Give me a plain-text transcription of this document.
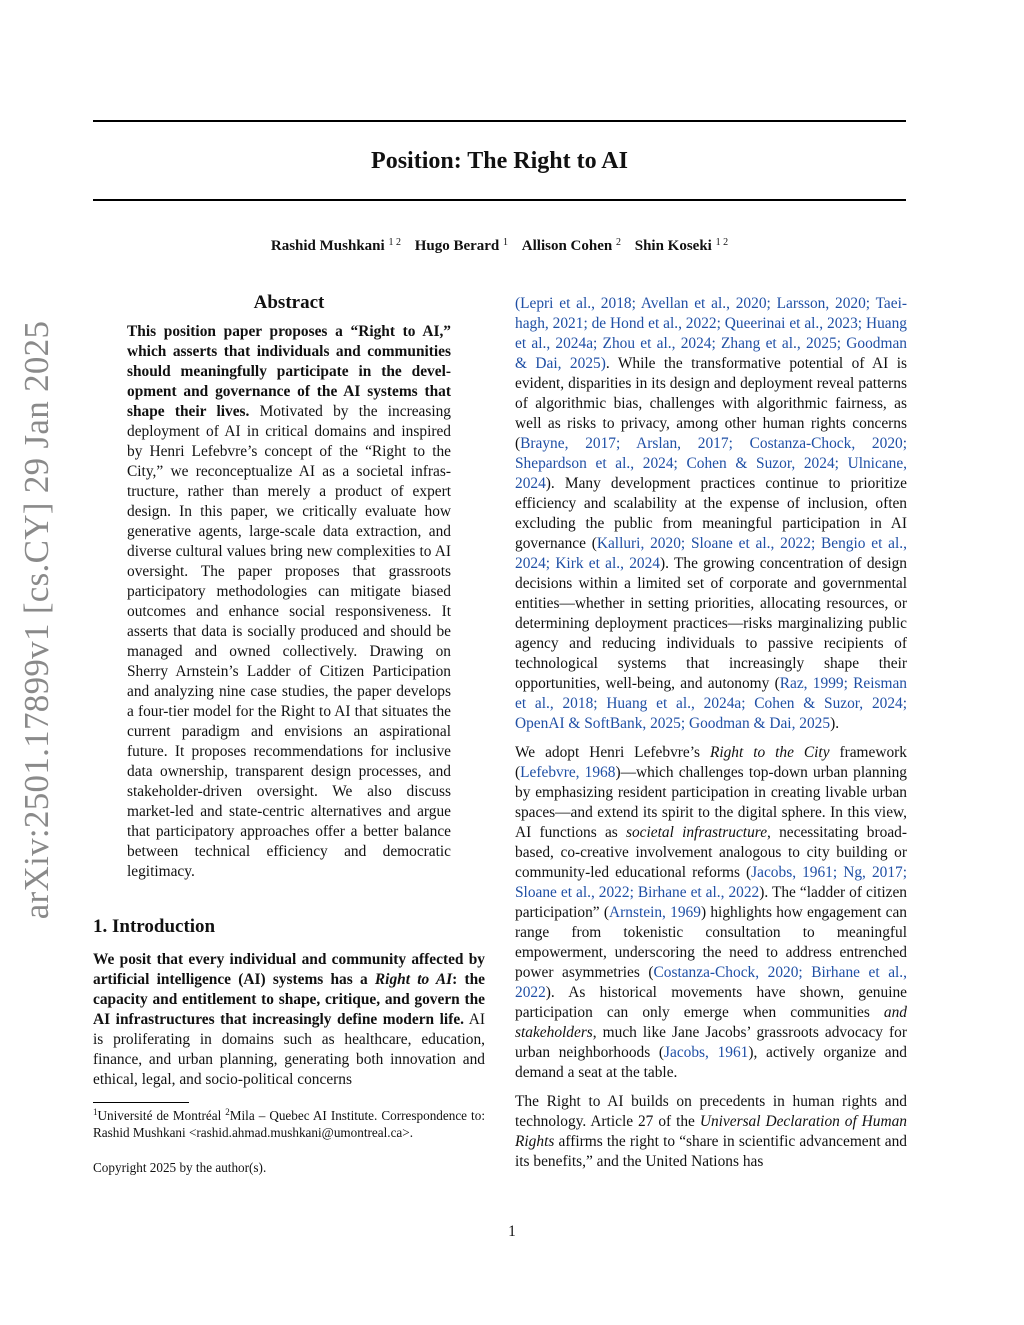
arXiv:2501.17899v1 [cs.CY] 29 Jan 2025
Position: The Right to AI
Rashid Mushkani $^{1 2}$ Hugo Berard $^1$ Allison Cohen $^2$ Shin Koseki $^{1 2}$
Abstract

This position paper proposes a “Right to AI,” which asserts that individuals and communities should meaningfully participate in the development and governance of the AI systems that shape their lives. Motivated by the increasing deployment of AI in critical domains and inspired by Henri Lefebvre’s concept of the “Right to the City,” we reconceptualize AI as a societal infrastructure, rather than merely a product of expert design. In this paper, we critically evaluate how generative agents, large-scale data extraction, and diverse cultural values bring new complexities to AI oversight. The paper proposes that grassroots participatory methodologies can mitigate biased outcomes and enhance social responsiveness. It asserts that data is socially produced and should be managed and owned collectively. Drawing on Sherry Arnstein’s Ladder of Citizen Participation and analyzing nine case studies, the paper develops a four-tier model for the Right to AI that situates the current paradigm and envisions an aspirational future. It proposes recommendations for inclusive data ownership, transparent design processes, and stakeholder-driven oversight. We also discuss market-led and state-centric alternatives and argue that participatory approaches offer a better balance between technical efficiency and democratic legitimacy.

1. Introduction

We posit that every individual and community affected by artificial intelligence (AI) systems has a Right to AI: the capacity and entitlement to shape, critique, and govern the AI infrastructures that increasingly define modern life. AI is proliferating in domains such as healthcare, education, finance, and urban planning, generating both innovation and ethical, legal, and socio-political concerns

$^1$Université de Montréal $^2$Mila – Quebec AI Institute. Correspondence to: Rashid Mushkani <rashid.ahmad.mushkani@umontreal.ca>.

Copyright 2025 by the author(s).

(Lepri et al., 2018; Avellan et al., 2020; Larsson, 2020; Taeihagh, 2021; de Hond et al., 2022; Queerinai et al., 2023; Huang et al., 2024a; Zhou et al., 2024; Zhang et al., 2025; Goodman & Dai, 2025). While the transformative potential of AI is evident, disparities in its design and deployment reveal patterns of algorithmic bias, challenges with algorithmic fairness, as well as risks to privacy, among other human rights concerns (Brayne, 2017; Arslan, 2017; Costanza-Chock, 2020; Shepardson et al., 2024; Cohen & Suzor, 2024; Ulnicane, 2024). Many development practices continue to prioritize efficiency and scalability at the expense of inclusion, often excluding the public from meaningful participation in AI governance (Kalluri, 2020; Sloane et al., 2022; Bengio et al., 2024; Kirk et al., 2024). The growing concentration of design decisions within a limited set of corporate and governmental entities—whether in setting priorities, allocating resources, or determining deployment practices—risks marginalizing public agency and reducing individuals to passive recipients of technological systems that increasingly shape their opportunities, well-being, and autonomy (Raz, 1999; Reisman et al., 2018; Huang et al., 2024a; Cohen & Suzor, 2024; OpenAI & SoftBank, 2025; Goodman & Dai, 2025).

We adopt Henri Lefebvre’s Right to the City framework (Lefebvre, 1968)—which challenges top-down urban planning by emphasizing resident participation in creating livable urban spaces—and extend its spirit to the digital sphere. In this view, AI functions as societal infrastructure, necessitating broad-based, co-creative involvement analogous to city building or community-led educational reforms (Jacobs, 1961; Ng, 2017; Sloane et al., 2022; Birhane et al., 2022). The “ladder of citizen participation” (Arnstein, 1969) highlights how engagement can range from tokenistic consultation to meaningful empowerment, underscoring the need to address entrenched power asymmetries (Costanza-Chock, 2020; Birhane et al., 2022). As historical movements have shown, genuine participation can only emerge when communities and stakeholders, much like Jane Jacobs’ grassroots advocacy for urban neighborhoods (Jacobs, 1961), actively organize and demand a seat at the table.

The Right to AI builds on precedents in human rights and technology. Article 27 of the Universal Declaration of Human Rights affirms the right to “share in scientific advancement and its benefits,” and the United Nations has

1
